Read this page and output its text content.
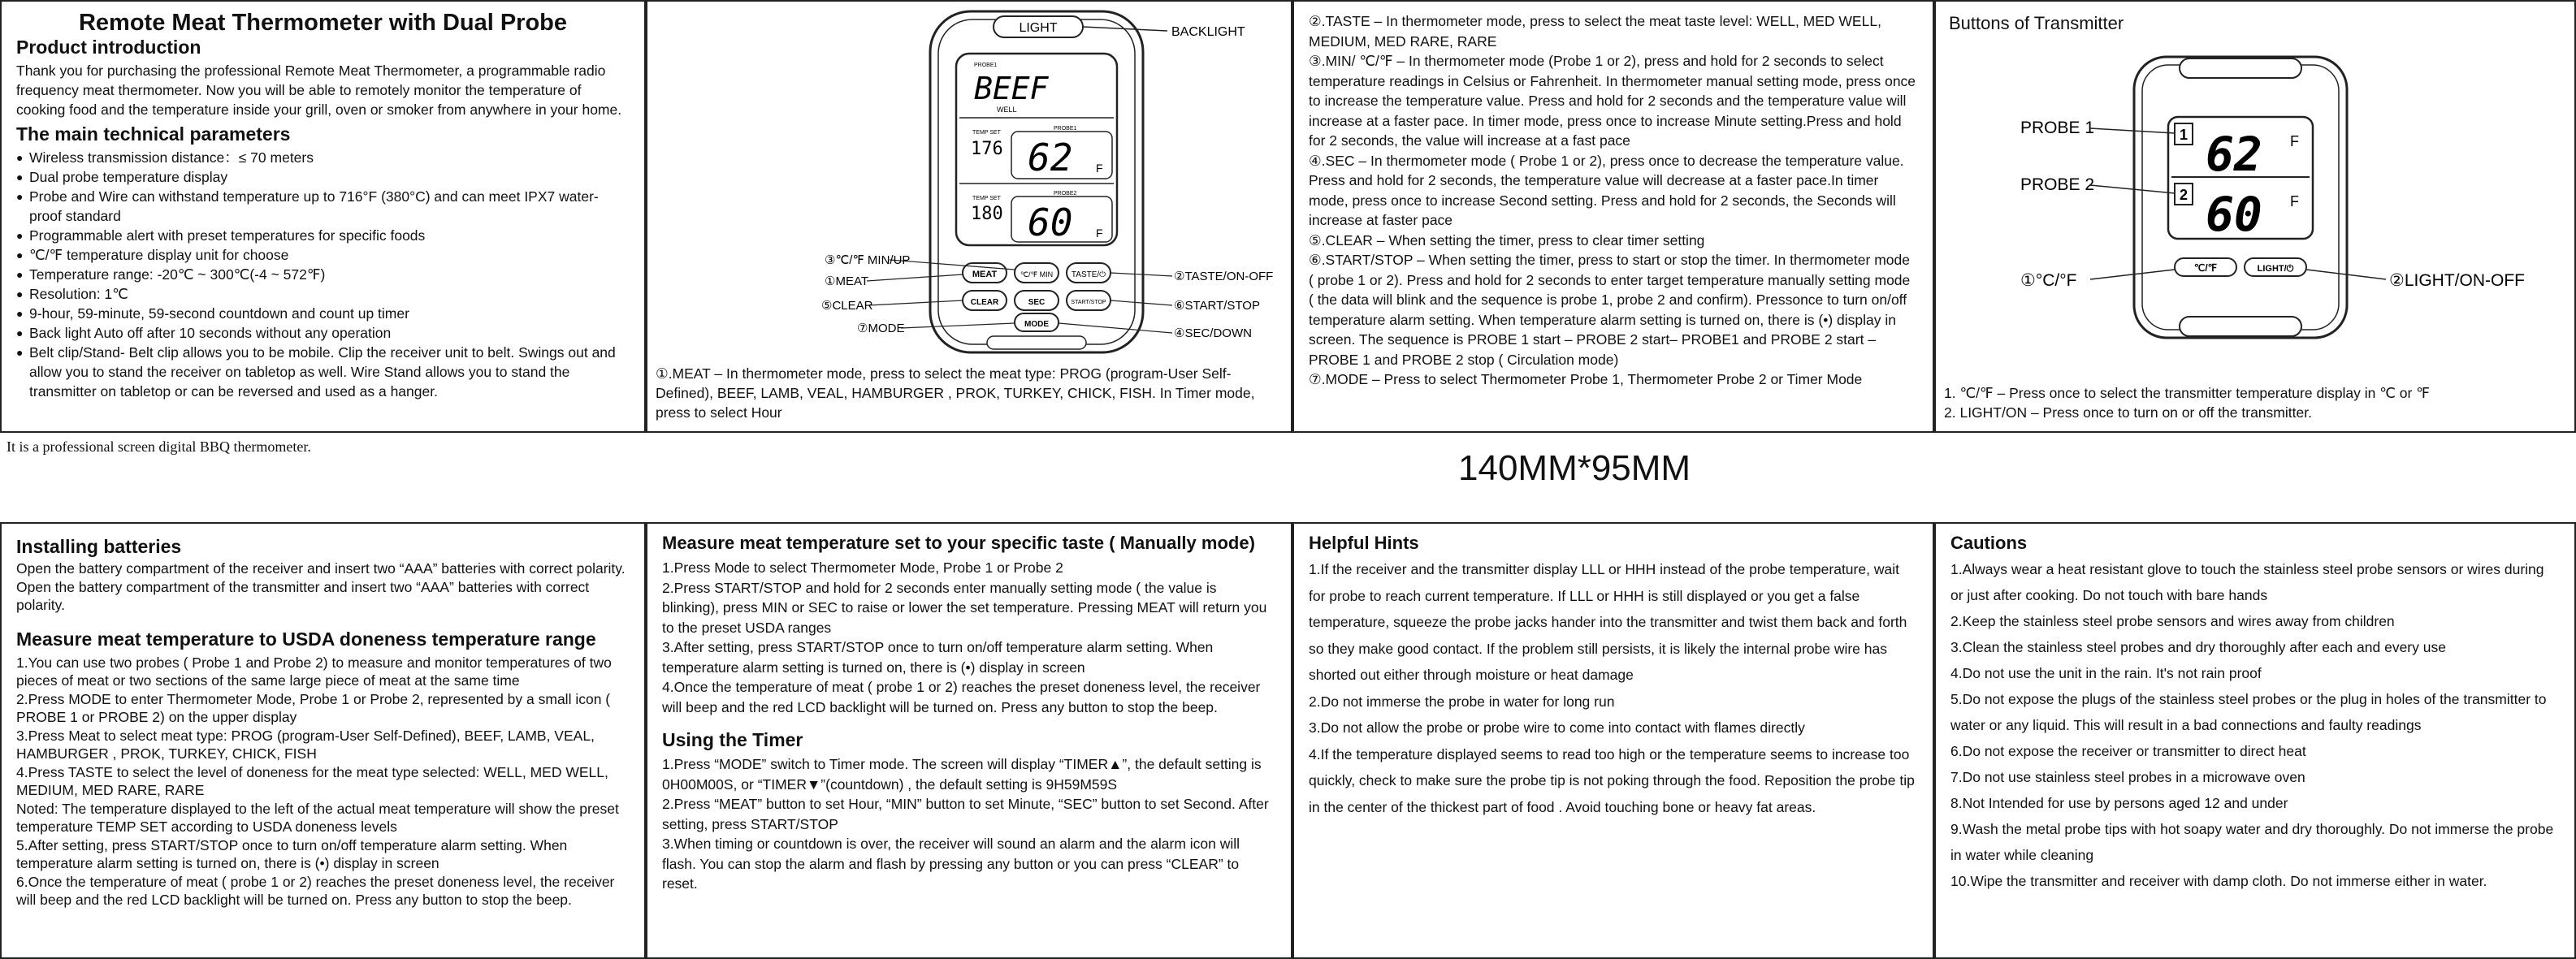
Remote Meat Thermometer with Dual Probe
Product introduction

Thank you for purchasing the professional Remote Meat Thermometer, a programmable radio frequency meat thermometer. Now you will be able to remotely monitor the temperature of cooking food and the temperature inside your grill, oven or smoker from anywhere in your home.

The main technical parameters
● Wireless transmission distance：≤ 70 meters
● Dual probe temperature display
● Probe and Wire can withstand temperature up to 716°F (380°C) and can meet IPX7 water-proof standard
● Programmable alert with preset temperatures for specific foods
● ℃/℉ temperature display unit for choose
● Temperature range: -20℃ ~ 300℃(-4 ~ 572℉)
● Resolution: 1℃
● 9-hour, 59-minute, 59-second countdown and count up timer
● Back light Auto off after 10 seconds without any operation
● Belt clip/Stand- Belt clip allows you to be mobile. Clip the receiver unit to belt. Swings out and allow you to stand the receiver on tabletop as well. Wire Stand allows you to stand the transmitter on tabletop or can be reversed and used as a hanger.
LIGHT	BACKLIGHT
PROBE1
BEEF
WELL
TEMP SET
PROBE1
176 62 F
TEMP SET
PROBE2
180 60 F
MEAT	℃/℉ MIN TASTE/⏻
CLEAR	SEC	START/STOP
MODE
③℃/℉ MIN/UP
①MEAT
⑤CLEAR
⑦MODE
②TASTE/ON-OFF
⑥START/STOP
④SEC/DOWN

①.MEAT – In thermometer mode, press to select the meat type: PROG (program-User Self-Defined), BEEF, LAMB, VEAL, HAMBURGER , PROK, TURKEY, CHICK, FISH. In Timer mode, press to select Hour

②.TASTE – In thermometer mode, press to select the meat taste level: WELL, MED WELL, MEDIUM, MED RARE, RARE

③.MIN/ ℃/℉ – In thermometer mode (Probe 1 or 2), press and hold for 2 seconds to select temperature readings in Celsius or Fahrenheit. In thermometer manual setting mode, press once to increase the temperature value. Press and hold for 2 seconds and the temperature value will increase at a faster pace. In timer mode, press once to increase Minute setting.Press and hold for 2 seconds, the value will increase at a fast pace

④.SEC – In thermometer mode ( Probe 1 or 2), press once to decrease the temperature value. Press and hold for 2 seconds, the temperature value will decrease at a faster pace.In timer mode, press once to increase Second setting. Press and hold for 2 seconds, the Seconds will increase at faster pace

⑤.CLEAR – When setting the timer, press to clear timer setting

⑥.START/STOP – When setting the timer, press to start or stop the timer. In thermometer mode ( probe 1 or 2). Press and hold for 2 seconds to enter target temperature manually setting mode ( the data will blink and the sequence is probe 1, probe 2 and confirm). Pressonce to turn on/off temperature alarm setting. When temperature alarm setting is turned on, there is (•) display in screen. The sequence is PROBE 1 start – PROBE 2 start– PROBE1 and PROBE 2 start – PROBE 1 and PROBE 2 stop ( Circulation mode)

⑦.MODE – Press to select Thermometer Probe 1, Thermometer Probe 2 or Timer Mode

Buttons of Transmitter
1 62 F
2 60 F
PROBE 1
PROBE 2
℃/℉	LIGHT/⏻
①°C/°F	②LIGHT/ON-OFF
1. ℃/℉ – Press once to select the transmitter temperature display in ℃ or ℉
2. LIGHT/ON – Press once to turn on or off the transmitter.
It is a professional screen digital BBQ thermometer.
140MM*95MM
Installing batteries

Open the battery compartment of the receiver and insert two “AAA” batteries with correct polarity. Open the battery compartment of the transmitter and insert two “AAA” batteries with correct polarity.

Measure meat temperature to USDA doneness temperature range

1.You can use two probes ( Probe 1 and Probe 2) to measure and monitor temperatures of two pieces of meat or two sections of the same large piece of meat at the same time

2.Press MODE to enter Thermometer Mode, Probe 1 or Probe 2, represented by a small icon ( PROBE 1 or PROBE 2) on the upper display

3.Press Meat to select meat type: PROG (program-User Self-Defined), BEEF, LAMB, VEAL, HAMBURGER , PROK, TURKEY, CHICK, FISH

4.Press TASTE to select the level of doneness for the meat type selected: WELL, MED WELL, MEDIUM, MED RARE, RARE

Noted: The temperature displayed to the left of the actual meat temperature will show the preset temperature TEMP SET according to USDA doneness levels

5.After setting, press START/STOP once to turn on/off temperature alarm setting. When temperature alarm setting is turned on, there is (•) display in screen

6.Once the temperature of meat ( probe 1 or 2) reaches the preset doneness level, the receiver will beep and the red LCD backlight will be turned on. Press any button to stop the beep.

Measure meat temperature set to your specific taste ( Manually mode)

1.Press Mode to select Thermometer Mode, Probe 1 or Probe 2

2.Press START/STOP and hold for 2 seconds enter manually setting mode ( the value is blinking), press MIN or SEC to raise or lower the set temperature. Pressing MEAT will return you to the preset USDA ranges

3.After setting, press START/STOP once to turn on/off temperature alarm setting. When temperature alarm setting is turned on, there is (•) display in screen

4.Once the temperature of meat ( probe 1 or 2) reaches the preset doneness level, the receiver will beep and the red LCD backlight will be turned on. Press any button to stop the beep.

Using the Timer

1.Press “MODE” switch to Timer mode. The screen will display “TIMER▲”, the default setting is 0H00M00S, or “TIMER▼”(countdown) , the default setting is 9H59M59S

2.Press “MEAT” button to set Hour, “MIN” button to set Minute, “SEC” button to set Second. After setting, press START/STOP

3.When timing or countdown is over, the receiver will sound an alarm and the alarm icon will flash. You can stop the alarm and flash by pressing any button or you can press “CLEAR” to reset.

Helpful Hints

1.If the receiver and the transmitter display LLL or HHH instead of the probe temperature, wait for probe to reach current temperature. If LLL or HHH is still displayed or you get a false temperature, squeeze the probe jacks hander into the transmitter and twist them back and forth so they make good contact. If the problem still persists, it is likely the internal probe wire has shorted out either through moisture or heat damage

2.Do not immerse the probe in water for long run

3.Do not allow the probe or probe wire to come into contact with flames directly

4.If the temperature displayed seems to read too high or the temperature seems to increase too quickly, check to make sure the probe tip is not poking through the food. Reposition the probe tip in the center of the thickest part of food . Avoid touching bone or heavy fat areas.

Cautions

1.Always wear a heat resistant glove to touch the stainless steel probe sensors or wires during or just after cooking. Do not touch with bare hands

2.Keep the stainless steel probe sensors and wires away from children

3.Clean the stainless steel probes and dry thoroughly after each and every use

4.Do not use the unit in the rain. It's not rain proof

5.Do not expose the plugs of the stainless steel probes or the plug in holes of the transmitter to water or any liquid. This will result in a bad connections and faulty readings

6.Do not expose the receiver or transmitter to direct heat

7.Do not use stainless steel probes in a microwave oven

8.Not Intended for use by persons aged 12 and under

9.Wash the metal probe tips with hot soapy water and dry thoroughly. Do not immerse the probe in water while cleaning

10.Wipe the transmitter and receiver with damp cloth. Do not immerse either in water.
